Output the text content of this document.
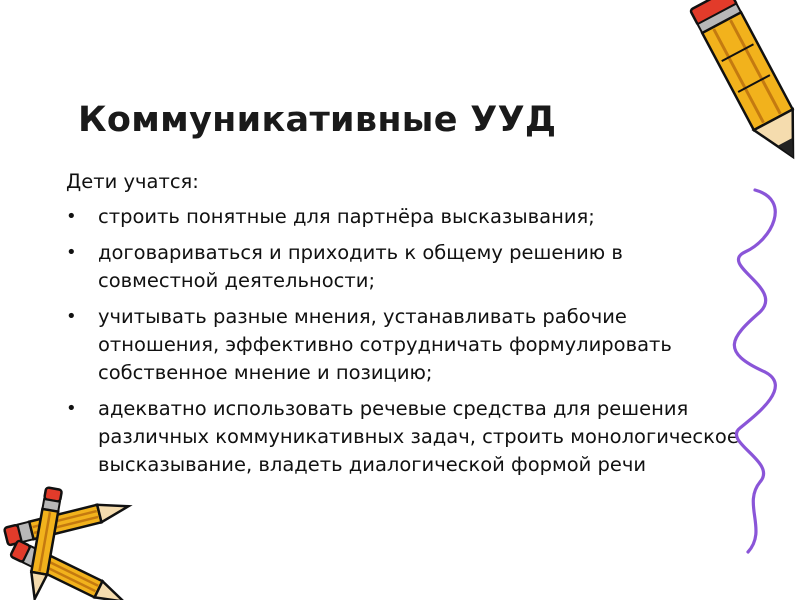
Коммуникативные УУД

Дети учатся:

• строить понятные для партнёра высказывания;
• договариваться и приходить к общему решению в совместной деятельности;
• учитывать разные мнения, устанавливать рабочие отношения, эффективно сотрудничать формулировать собственное мнение и позицию;
• адекватно использовать речевые средства для решения различных коммуникативных задач, строить монологическое высказывание, владеть диалогической формой речи
